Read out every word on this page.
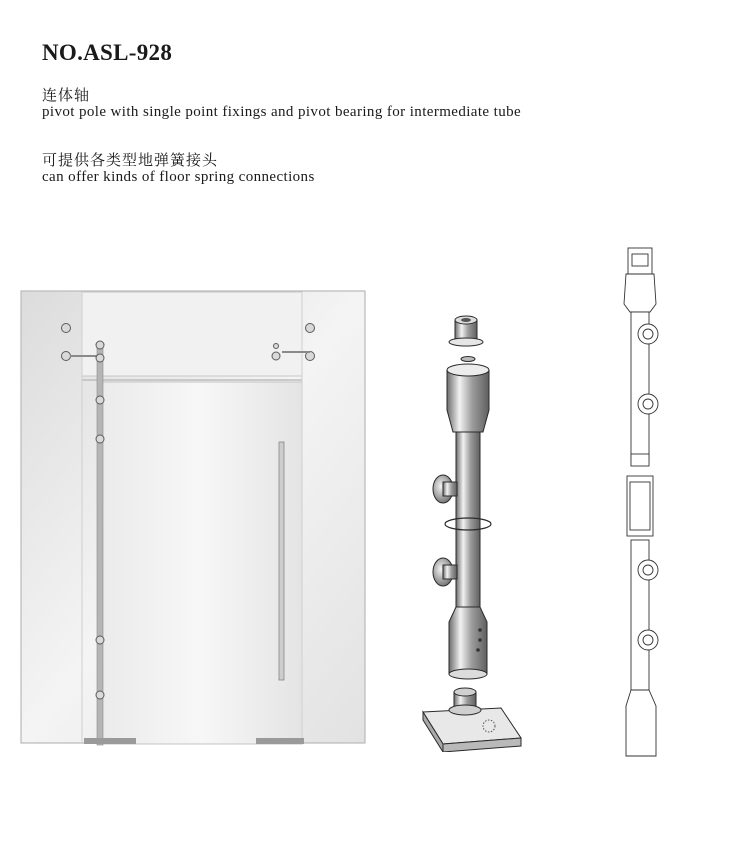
NO.ASL-928
连体轴
pivot pole with single point fixings and pivot bearing for intermediate tube
可提供各类型地弹簧接头
can offer kinds of floor spring connections
